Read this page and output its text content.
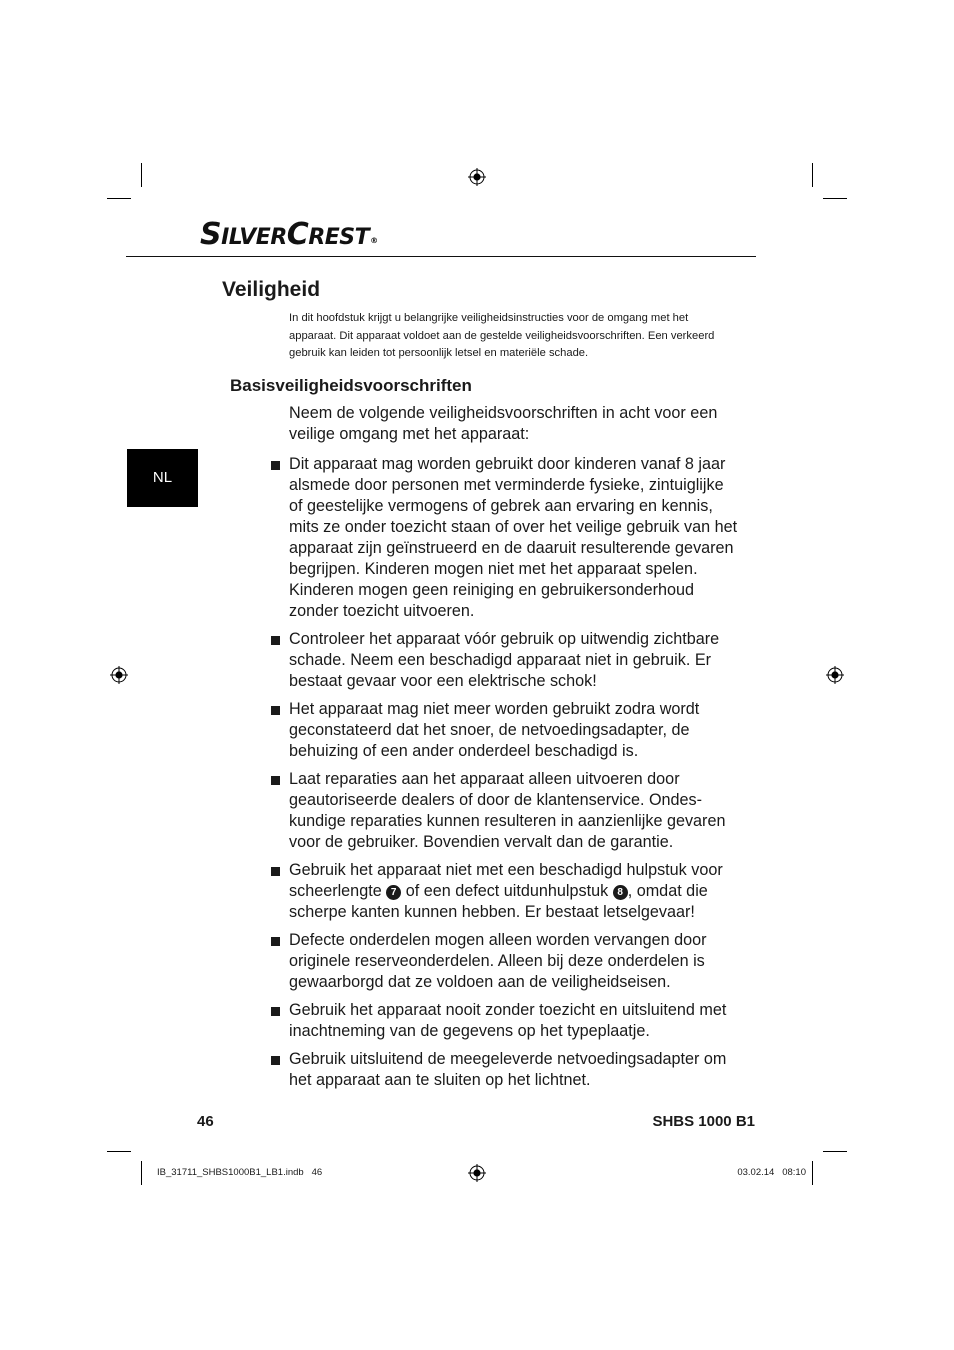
SILVERCREST®
NL
Veiligheid
In dit hoofdstuk krijgt u belangrijke veiligheidsinstructies voor de omgang met het apparaat. Dit apparaat voldoet aan de gestelde veiligheidsvoorschriften. Een verkeerd gebruik kan leiden tot persoonlijk letsel en materiële schade.
Basisveiligheidsvoorschriften
Neem de volgende veiligheidsvoorschriften in acht voor een veilige omgang met het apparaat:
Dit apparaat mag worden gebruikt door kinderen vanaf 8 jaar alsmede door personen met verminderde fysieke, zintuiglijke of geestelijke vermogens of gebrek aan ervaring en kennis, mits ze onder toezicht staan of over het veilige gebruik van het apparaat zijn geïnstrueerd en de daaruit resulterende gevaren begrijpen. Kinderen mogen niet met het apparaat spelen. Kinderen mogen geen reiniging en gebruikersonderhoud zonder toezicht uitvoeren.
Controleer het apparaat vóór gebruik op uitwendig zichtbare schade. Neem een beschadigd apparaat niet in gebruik. Er bestaat gevaar voor een elektrische schok!
Het apparaat mag niet meer worden gebruikt zodra wordt geconstateerd dat het snoer, de netvoedingsadapter, de behuizing of een ander onderdeel beschadigd is.
Laat reparaties aan het apparaat alleen uitvoeren door geautoriseerde dealers of door de klantenservice. Ondes-kundige reparaties kunnen resulteren in aanzienlijke gevaren voor de gebruiker. Bovendien vervalt dan de garantie.
Gebruik het apparaat niet met een beschadigd hulpstuk voor scheerlengte 7 of een defect uitdunhulpstuk 8 , omdat die scherpe kanten kunnen hebben. Er bestaat letselgevaar!
Defecte onderdelen mogen alleen worden vervangen door originele reserveonderdelen. Alleen bij deze onderdelen is gewaarborgd dat ze voldoen aan de veiligheidseisen.
Gebruik het apparaat nooit zonder toezicht en uitsluitend met inachtneming van de gegevens op het typeplaatje.
Gebruik uitsluitend de meegeleverde netvoedingsadapter om het apparaat aan te sluiten op het lichtnet.
46	SHBS 1000 B1
IB_31711_SHBS1000B1_LB1.indb   46	03.02.14   08:10
